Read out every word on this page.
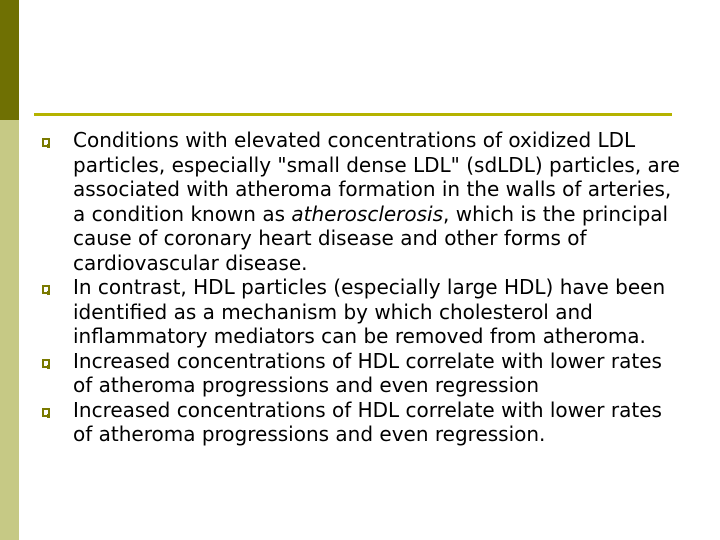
Conditions with elevated concentrations of oxidized LDL particles, especially "small dense LDL" (sdLDL) particles, are associated with atheroma formation in the walls of arteries, a condition known as atherosclerosis, which is the principal cause of coronary heart disease and other forms of cardiovascular disease.
In contrast, HDL particles (especially large HDL) have been identified as a mechanism by which cholesterol and inflammatory mediators can be removed from atheroma.
Increased concentrations of HDL correlate with lower rates of atheroma progressions and even regression
Increased concentrations of HDL correlate with lower rates of atheroma progressions and even regression.
